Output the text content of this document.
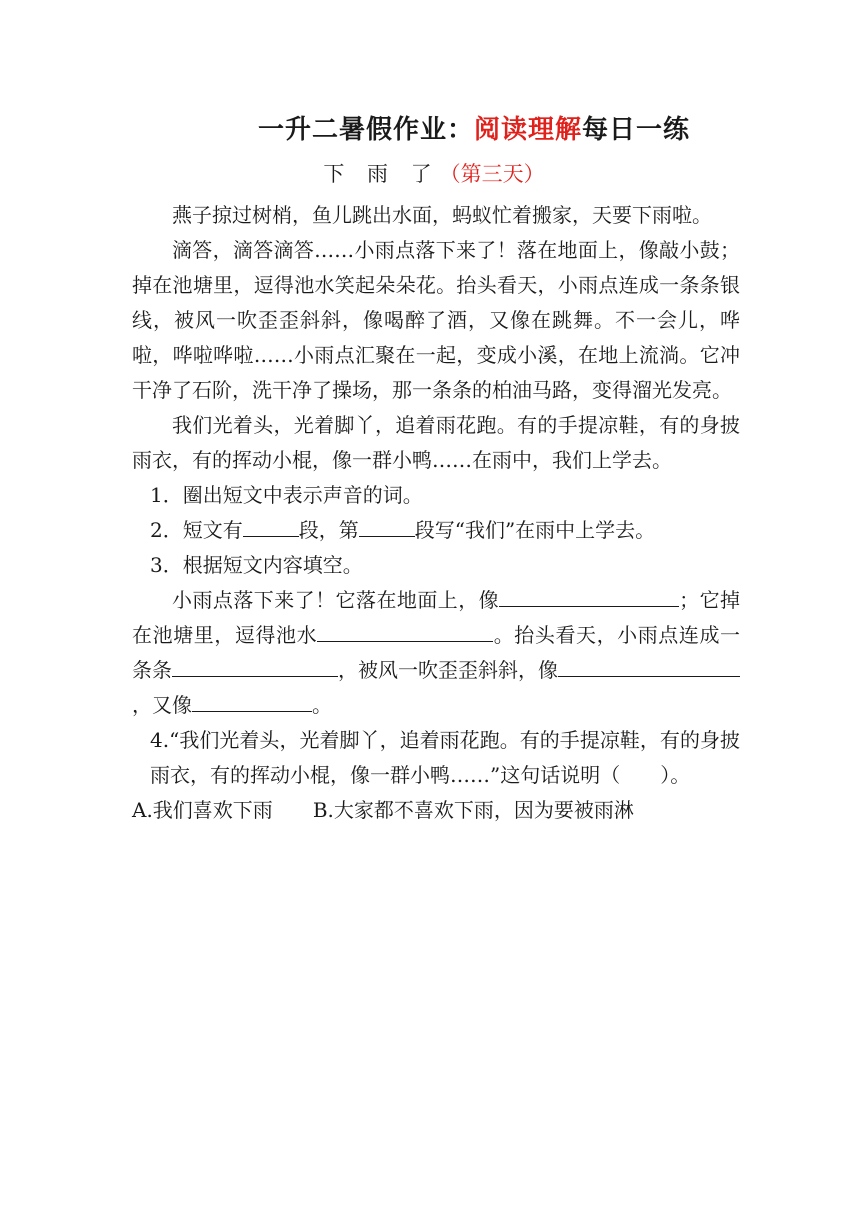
一升二暑假作业：阅读理解每日一练
下 雨 了（第三天）

燕子掠过树梢，鱼儿跳出水面，蚂蚁忙着搬家，天要下雨啦。

滴答，滴答滴答……小雨点落下来了！落在地面上，像敲小鼓；掉在池塘里，逗得池水笑起朵朵花。抬头看天，小雨点连成一条条银线，被风一吹歪歪斜斜，像喝醉了酒，又像在跳舞。不一会儿，哗啦，哗啦哗啦……小雨点汇聚在一起，变成小溪，在地上流淌。它冲干净了石阶，洗干净了操场，那一条条的柏油马路，变得溜光发亮。

我们光着头，光着脚丫，追着雨花跑。有的手提凉鞋，有的身披雨衣，有的挥动小棍，像一群小鸭……在雨中，我们上学去。

1．圈出短文中表示声音的词。

2．短文有	段，第	段写“我们”在雨中上学去。

3．根据短文内容填空。

小雨点落下来了！它落在地面上，像	；它掉在池塘里，逗得池水	。抬头看天，小雨点连成一条条	，被风一吹歪歪斜斜，像，又像	。

4.“我们光着头，光着脚丫，追着雨花跑。有的手提凉鞋，有的身披雨衣，有的挥动小棍，像一群小鸭……”这句话说明（　　）。

A.我们喜欢下雨 B.大家都不喜欢下雨，因为要被雨淋
